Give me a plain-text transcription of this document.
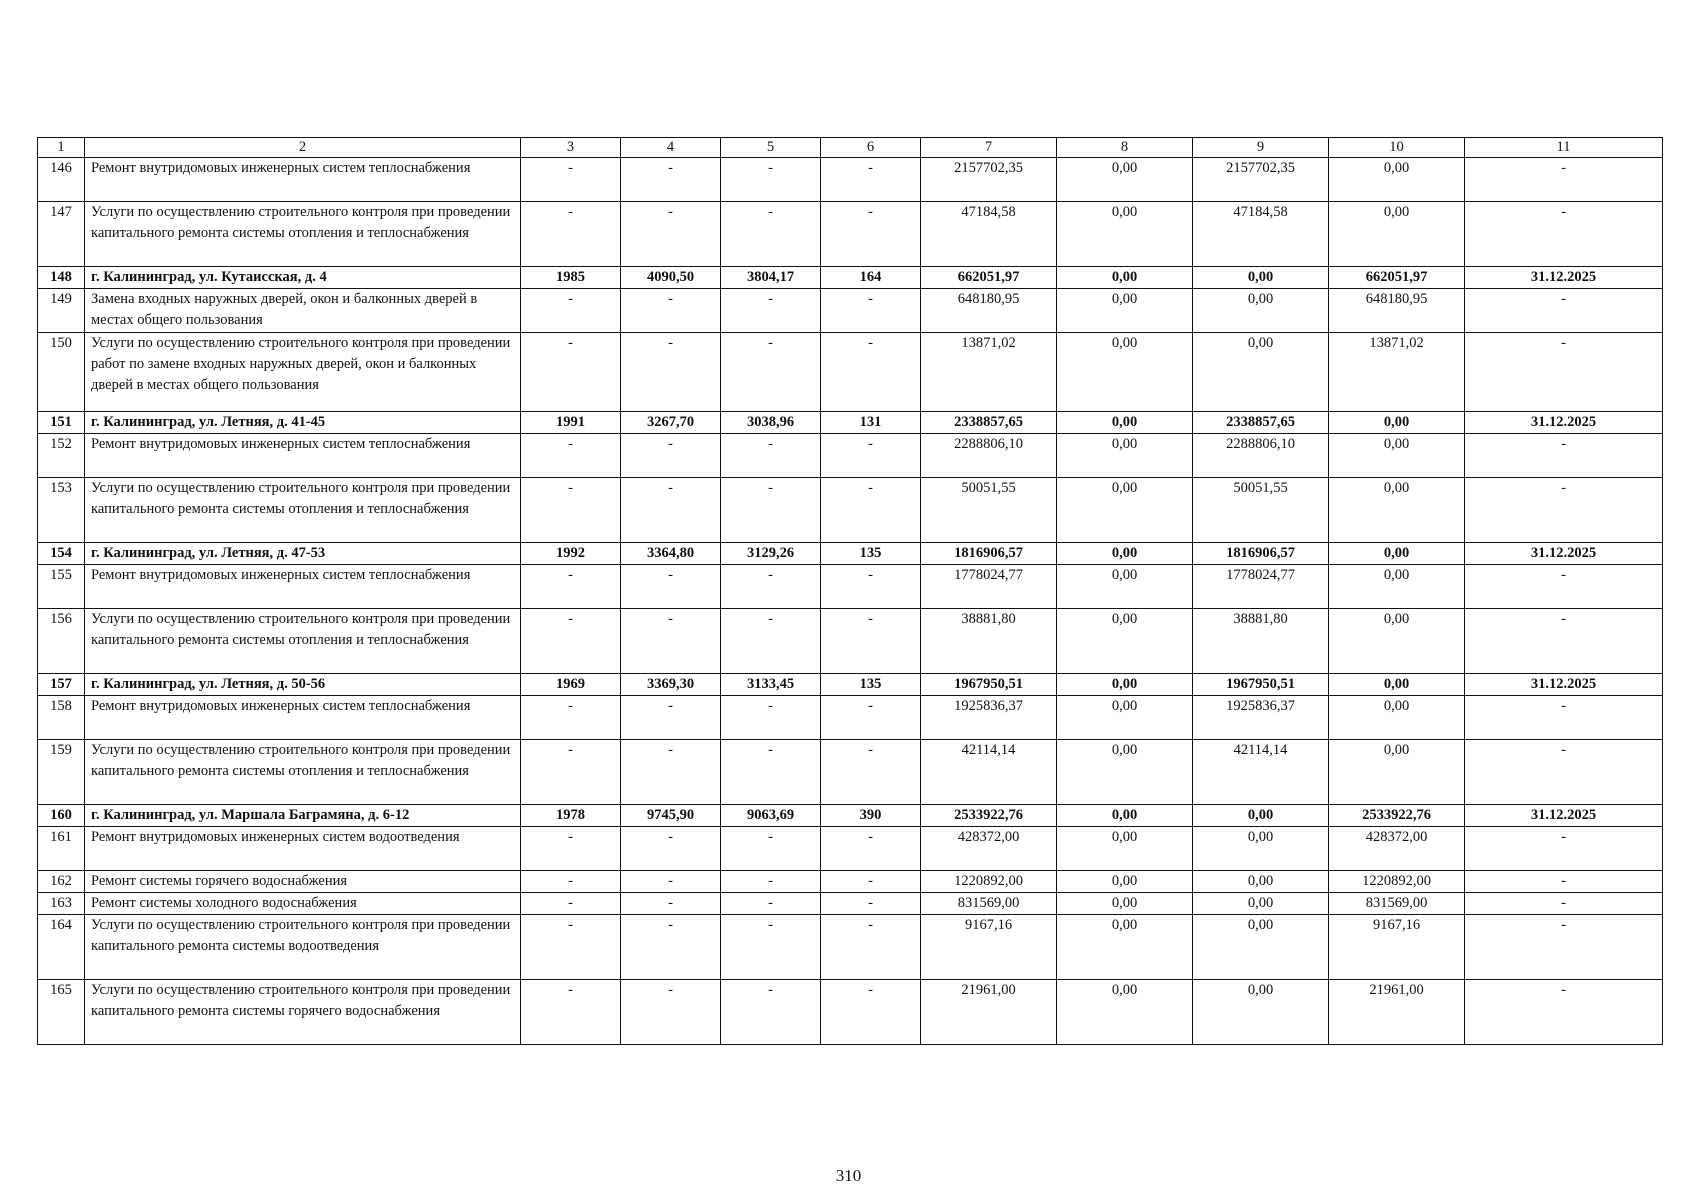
1	2	3	4	5	6	7	8	9	10	11
146	Ремонт внутридомовых инженерных систем теплоснабжения	-	-	-	-	2157702,35	0,00	2157702,35	0,00	-
147	Услуги по осуществлению строительного контроля при проведении капитального ремонта системы отопления и теплоснабжения	-	-	-	-	47184,58	0,00	47184,58	0,00	-
148	г. Калининград, ул. Кутаисская, д. 4	1985	4090,50	3804,17	164	662051,97	0,00	0,00	662051,97	31.12.2025
149	Замена входных наружных дверей, окон и балконных дверей в местах общего пользования	-	-	-	-	648180,95	0,00	0,00	648180,95	-
150	Услуги по осуществлению строительного контроля при проведении работ по замене входных наружных дверей, окон и балконных дверей в местах общего пользования	-	-	-	-	13871,02	0,00	0,00	13871,02	-
151	г. Калининград, ул. Летняя, д. 41-45	1991	3267,70	3038,96	131	2338857,65	0,00	2338857,65	0,00	31.12.2025
152	Ремонт внутридомовых инженерных систем теплоснабжения	-	-	-	-	2288806,10	0,00	2288806,10	0,00	-
153	Услуги по осуществлению строительного контроля при проведении капитального ремонта системы отопления и теплоснабжения	-	-	-	-	50051,55	0,00	50051,55	0,00	-
154	г. Калининград, ул. Летняя, д. 47-53	1992	3364,80	3129,26	135	1816906,57	0,00	1816906,57	0,00	31.12.2025
155	Ремонт внутридомовых инженерных систем теплоснабжения	-	-	-	-	1778024,77	0,00	1778024,77	0,00	-
156	Услуги по осуществлению строительного контроля при проведении капитального ремонта системы отопления и теплоснабжения	-	-	-	-	38881,80	0,00	38881,80	0,00	-
157	г. Калининград, ул. Летняя, д. 50-56	1969	3369,30	3133,45	135	1967950,51	0,00	1967950,51	0,00	31.12.2025
158	Ремонт внутридомовых инженерных систем теплоснабжения	-	-	-	-	1925836,37	0,00	1925836,37	0,00	-
159	Услуги по осуществлению строительного контроля при проведении капитального ремонта системы отопления и теплоснабжения	-	-	-	-	42114,14	0,00	42114,14	0,00	-
160	г. Калининград, ул. Маршала Баграмяна, д. 6-12	1978	9745,90	9063,69	390	2533922,76	0,00	0,00	2533922,76	31.12.2025
161	Ремонт внутридомовых инженерных систем водоотведения	-	-	-	-	428372,00	0,00	0,00	428372,00	-
162	Ремонт системы горячего водоснабжения	-	-	-	-	1220892,00	0,00	0,00	1220892,00	-
163	Ремонт системы холодного водоснабжения	-	-	-	-	831569,00	0,00	0,00	831569,00	-
164	Услуги по осуществлению строительного контроля при проведении капитального ремонта системы водоотведения	-	-	-	-	9167,16	0,00	0,00	9167,16	-
165	Услуги по осуществлению строительного контроля при проведении капитального ремонта системы горячего водоснабжения	-	-	-	-	21961,00	0,00	0,00	21961,00	-
310
